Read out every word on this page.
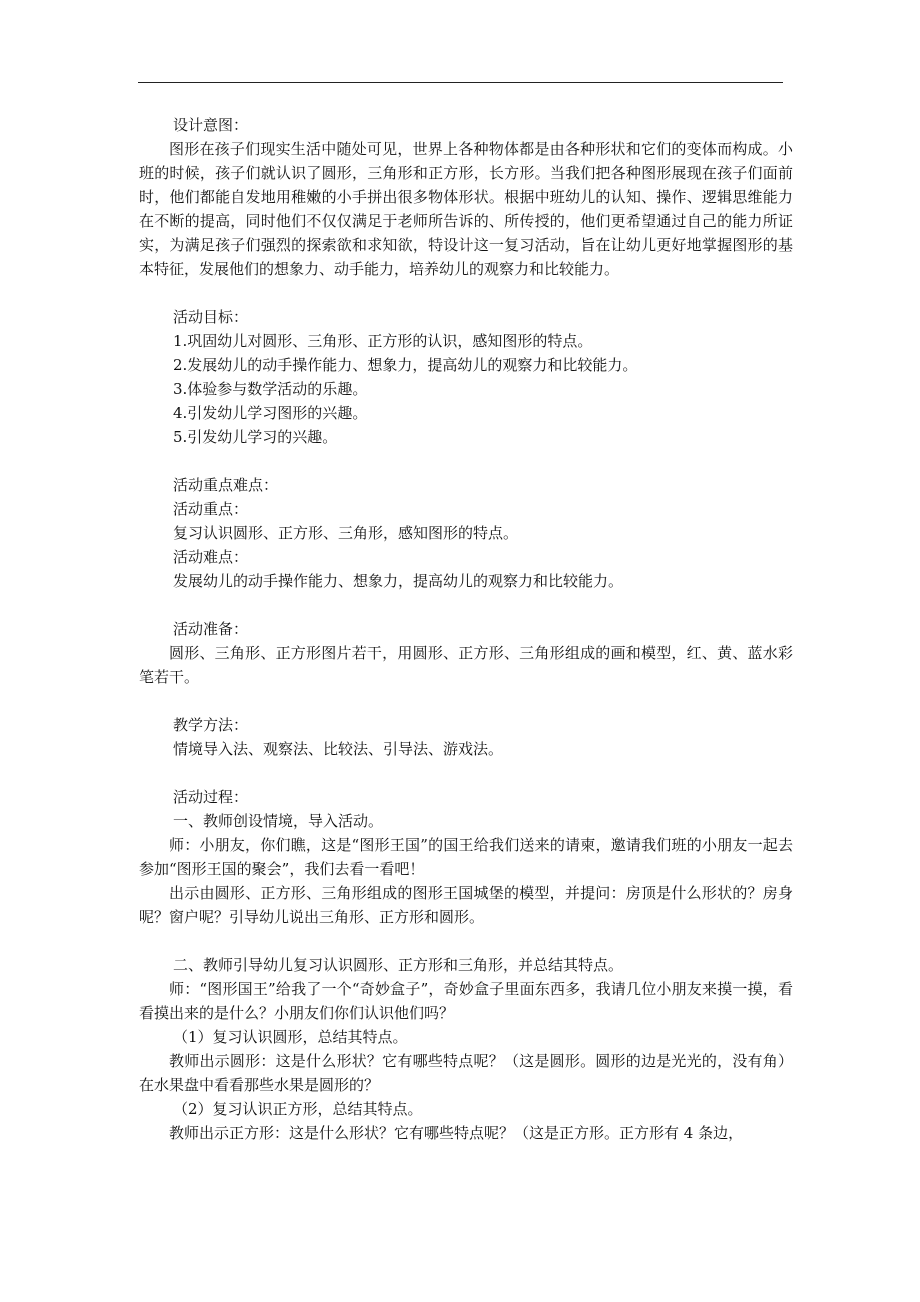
设计意图：

图形在孩子们现实生活中随处可见，世界上各种物体都是由各种形状和它们的变体而构成。小班的时候，孩子们就认识了圆形，三角形和正方形，长方形。当我们把各种图形展现在孩子们面前时，他们都能自发地用稚嫩的小手拼出很多物体形状。根据中班幼儿的认知、操作、逻辑思维能力在不断的提高，同时他们不仅仅满足于老师所告诉的、所传授的，他们更希望通过自己的能力所证实，为满足孩子们强烈的探索欲和求知欲，特设计这一复习活动，旨在让幼儿更好地掌握图形的基本特征，发展他们的想象力、动手能力，培养幼儿的观察力和比较能力。

活动目标：

1.巩固幼儿对圆形、三角形、正方形的认识，感知图形的特点。

2.发展幼儿的动手操作能力、想象力，提高幼儿的观察力和比较能力。

3.体验参与数学活动的乐趣。

4.引发幼儿学习图形的兴趣。

5.引发幼儿学习的兴趣。

活动重点难点：

活动重点：

复习认识圆形、正方形、三角形，感知图形的特点。

活动难点：

发展幼儿的动手操作能力、想象力，提高幼儿的观察力和比较能力。

活动准备：

圆形、三角形、正方形图片若干，用圆形、正方形、三角形组成的画和模型，红、黄、蓝水彩笔若干。

教学方法：

情境导入法、观察法、比较法、引导法、游戏法。

活动过程：

一、教师创设情境，导入活动。

师：小朋友，你们瞧，这是“图形王国”的国王给我们送来的请柬，邀请我们班的小朋友一起去参加“图形王国的聚会”，我们去看一看吧！

出示由圆形、正方形、三角形组成的图形王国城堡的模型，并提问：房顶是什么形状的？房身呢？窗户呢？引导幼儿说出三角形、正方形和圆形。

二、教师引导幼儿复习认识圆形、正方形和三角形，并总结其特点。

师：“图形国王”给我了一个“奇妙盒子”，奇妙盒子里面东西多，我请几位小朋友来摸一摸，看看摸出来的是什么？小朋友们你们认识他们吗？

（1）复习认识圆形，总结其特点。

教师出示圆形：这是什么形状？它有哪些特点呢？（这是圆形。圆形的边是光光的，没有角）在水果盘中看看那些水果是圆形的？

（2）复习认识正方形，总结其特点。

教师出示正方形：这是什么形状？它有哪些特点呢？（这是正方形。正方形有 4 条边，
